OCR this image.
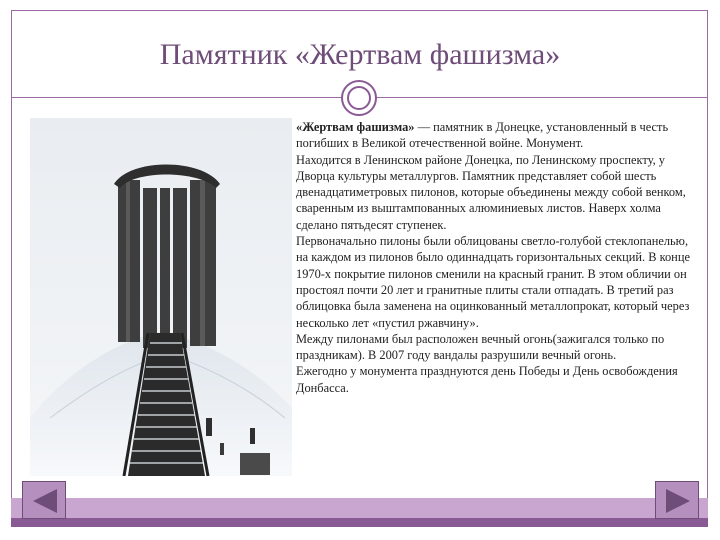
Памятник «Жертвам фашизма»

«Жертвам фашизма» — памятник в Донецке, установленный в честь погибших в Великой отечественной войне. Монумент.

Находится в Ленинском районе Донецка, по Ленинскому проспекту, у Дворца культуры металлургов. Памятник представляет собой шесть двенадцатиметровых пилонов, которые объединены между собой венком, сваренным из выштампованных алюминиевых листов. Наверх холма сделано пятьдесят ступенек.

Первоначально пилоны были облицованы светло-голубой стеклопанелью, на каждом из пилонов было одиннадцать горизонтальных секций. В конце 1970-х покрытие пилонов сменили на красный гранит. В этом обличии он простоял почти 20 лет и гранитные плиты стали отпадать. В третий раз облицовка была заменена на оцинкованный металлопрокат, который через несколько лет «пустил ржавчину».

Между пилонами был расположен вечный огонь(зажигался только по праздникам). В 2007 году вандалы разрушили вечный огонь.

Ежегодно у монумента празднуются день Победы и День освобождения Донбасса.
